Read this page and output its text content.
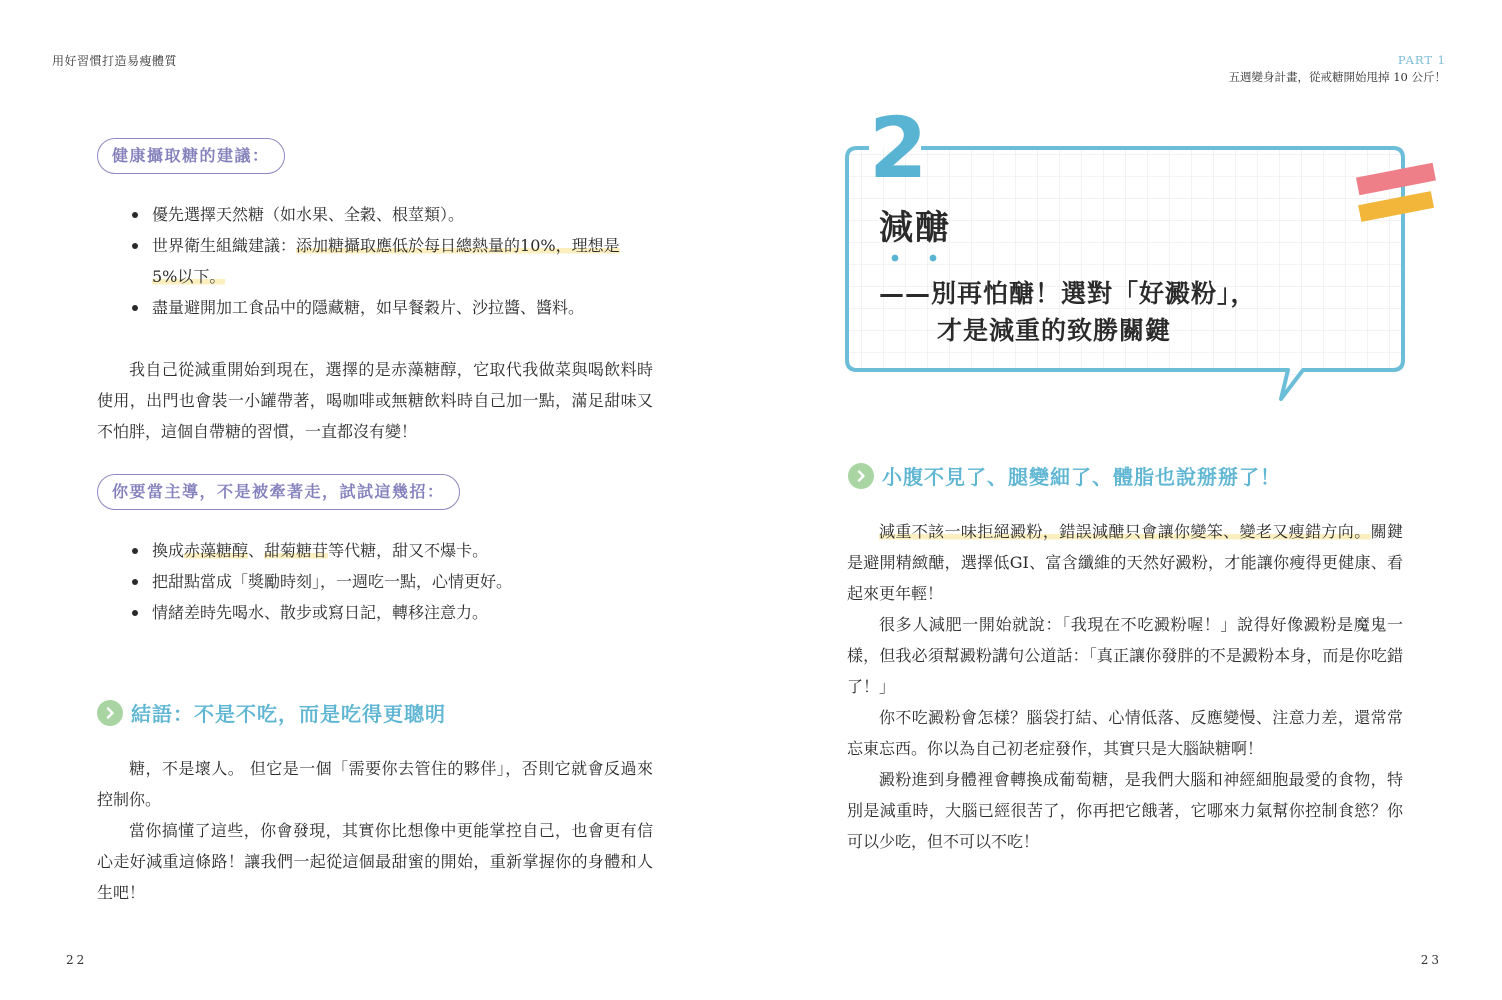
用好習慣打造易瘦體質
健康攝取糖的建議：
優先選擇天然糖（如水果、全穀、根莖類）。
世界衛生組織建議：添加糖攝取應低於每日總熱量的10%，理想是
5%以下。
盡量避開加工食品中的隱藏糖，如早餐穀片、沙拉醬、醬料。

我自己從減重開始到現在，選擇的是赤藻糖醇，它取代我做菜與喝飲料時使用，出門也會裝一小罐帶著，喝咖啡或無糖飲料時自己加一點，滿足甜味又不怕胖，這個自帶糖的習慣，一直都沒有變！

你要當主導，不是被牽著走，試試這幾招：
換成赤藻糖醇、甜菊糖苷等代糖，甜又不爆卡。
把甜點當成「獎勵時刻」，一週吃一點，心情更好。
情緒差時先喝水、散步或寫日記，轉移注意力。
結語：不是不吃，而是吃得更聰明

糖，不是壞人。 但它是一個「需要你去管住的夥伴」，否則它就會反過來控制你。

當你搞懂了這些，你會發現，其實你比想像中更能掌控自己，也會更有信心走好減重這條路！讓我們一起從這個最甜蜜的開始，重新掌握你的身體和人生吧！

22
PART 1
五週變身計畫，從戒糖開始甩掉 10 公斤！
2
減醣
——別再怕醣！選對「好澱粉」，
才是減重的致勝關鍵
小腹不見了、腿變細了、體脂也說掰掰了！

減重不該一味拒絕澱粉，錯誤減醣只會讓你變笨、變老又瘦錯方向。關鍵是避開精緻醣，選擇低GI、富含纖維的天然好澱粉，才能讓你瘦得更健康、看起來更年輕！

很多人減肥一開始就說：「我現在不吃澱粉喔！」說得好像澱粉是魔鬼一樣，但我必須幫澱粉講句公道話：「真正讓你發胖的不是澱粉本身，而是你吃錯了！」

你不吃澱粉會怎樣？腦袋打結、心情低落、反應變慢、注意力差，還常常忘東忘西。你以為自己初老症發作，其實只是大腦缺糖啊！

澱粉進到身體裡會轉換成葡萄糖，是我們大腦和神經細胞最愛的食物，特別是減重時，大腦已經很苦了，你再把它餓著，它哪來力氣幫你控制食慾？你可以少吃，但不可以不吃！

23
